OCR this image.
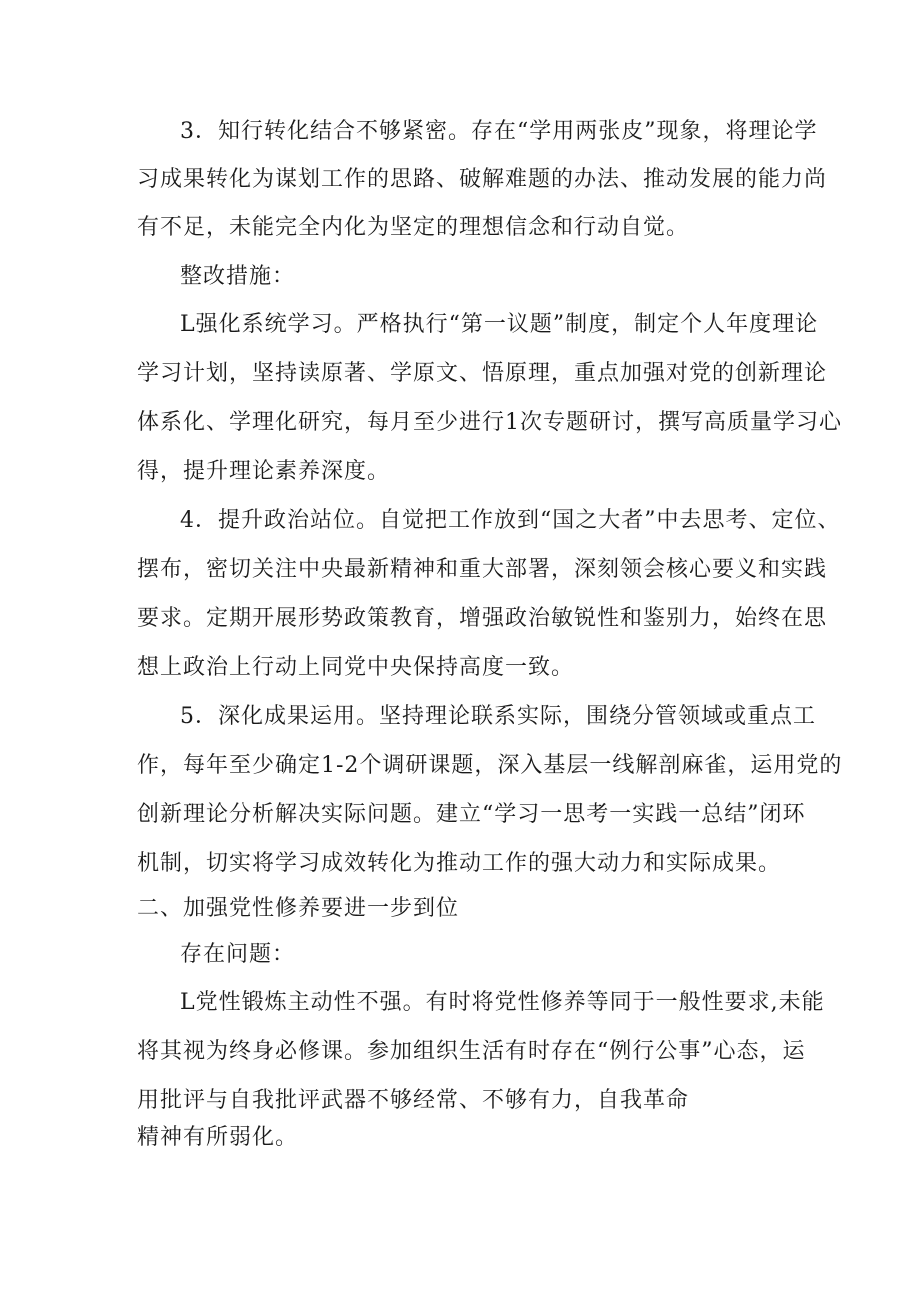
3．知行转化结合不够紧密。存在“学用两张皮”现象，将理论学
习成果转化为谋划工作的思路、破解难题的办法、推动发展的能力尚
有不足，未能完全内化为坚定的理想信念和行动自觉。
整改措施：
L强化系统学习。严格执行“第一议题”制度，制定个人年度理论
学习计划，坚持读原著、学原文、悟原理，重点加强对党的创新理论
体系化、学理化研究，每月至少进行1次专题研讨，撰写高质量学习心
得，提升理论素养深度。
4．提升政治站位。自觉把工作放到“国之大者”中去思考、定位、
摆布，密切关注中央最新精神和重大部署，深刻领会核心要义和实践
要求。定期开展形势政策教育，增强政治敏锐性和鉴别力，始终在思
想上政治上行动上同党中央保持高度一致。
5．深化成果运用。坚持理论联系实际，围绕分管领域或重点工
作，每年至少确定1-2个调研课题，深入基层一线解剖麻雀，运用党的
创新理论分析解决实际问题。建立“学习一思考一实践一总结”闭环
机制，切实将学习成效转化为推动工作的强大动力和实际成果。
二、加强党性修养要进一步到位
存在问题：
L党性锻炼主动性不强。有时将党性修养等同于一般性要求,未能
将其视为终身必修课。参加组织生活有时存在“例行公事”心态，运
用批评与自我批评武器不够经常、不够有力，自我革命
精神有所弱化。
